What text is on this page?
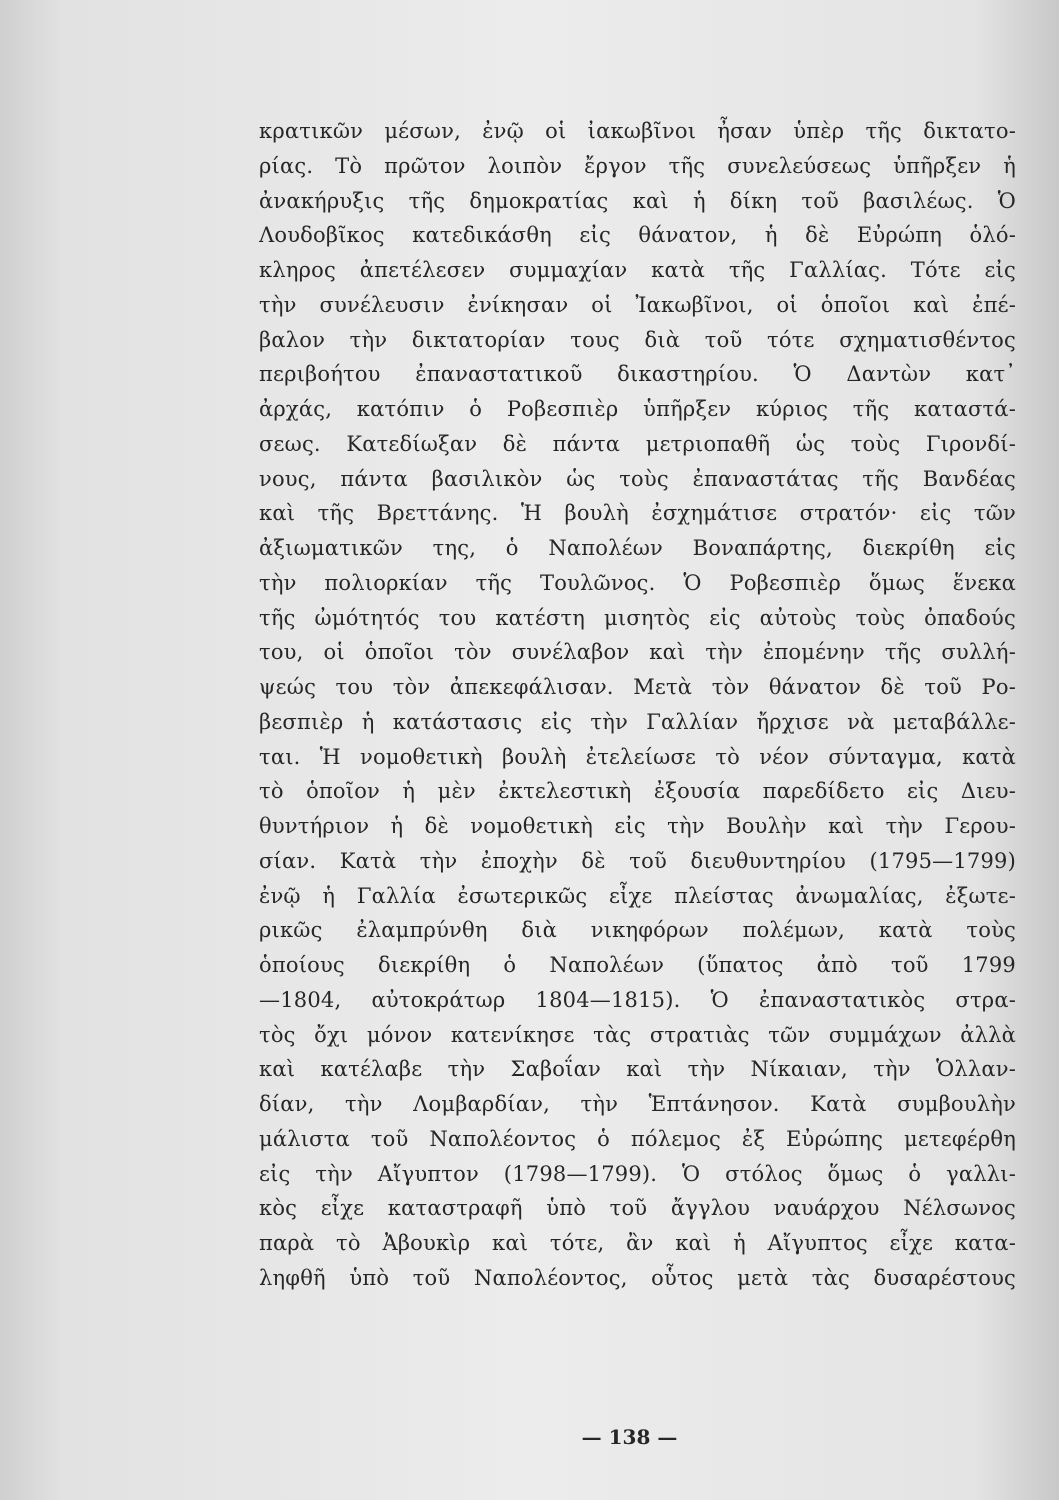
κρατικῶν μέσων, ἐνῷ οἱ ἰακωβῖνοι ἦσαν ὑπὲρ τῆς δικτατο-
ρίας. Τὸ πρῶτον λοιπὸν ἔργον τῆς συνελεύσεως ὑπῆρξεν ἡ
ἀνακήρυξις τῆς δημοκρατίας καὶ ἡ δίκη τοῦ βασιλέως. Ὁ
Λουδοβῖκος κατεδικάσθη εἰς θάνατον, ἡ δὲ Εὐρώπη ὁλό-
κληρος ἀπετέλεσεν συμμαχίαν κατὰ τῆς Γαλλίας. Τότε εἰς
τὴν συνέλευσιν ἐνίκησαν οἱ Ἰακωβῖνοι, οἱ ὁποῖοι καὶ ἐπέ-
βαλον τὴν δικτατορίαν τους διὰ τοῦ τότε σχηματισθέντος
περιβοήτου ἐπαναστατικοῦ δικαστηρίου. Ὁ Δαντὼν κατ᾿
ἀρχάς, κατόπιν ὁ Ροβεσπιὲρ ὑπῆρξεν κύριος τῆς καταστά-
σεως. Κατεδίωξαν δὲ πάντα μετριοπαθῆ ὡς τοὺς Γιρονδί-
νους, πάντα βασιλικὸν ὡς τοὺς ἐπαναστάτας τῆς Βανδέας
καὶ τῆς Βρεττάνης. Ἡ βουλὴ ἐσχημάτισε στρατόν· εἰς τῶν
ἀξιωματικῶν της, ὁ Ναπολέων Βοναπάρτης, διεκρίθη εἰς
τὴν πολιορκίαν τῆς Τουλῶνος. Ὁ Ροβεσπιὲρ ὅμως ἕνεκα
τῆς ὠμότητός του κατέστη μισητὸς εἰς αὐτοὺς τοὺς ὀπαδούς
του, οἱ ὁποῖοι τὸν συνέλαβον καὶ τὴν ἐπομένην τῆς συλλή-
ψεώς του τὸν ἀπεκεφάλισαν. Μετὰ τὸν θάνατον δὲ τοῦ Ρο-
βεσπιὲρ ἡ κατάστασις εἰς τὴν Γαλλίαν ἤρχισε νὰ μεταβάλλε-
ται. Ἡ νομοθετικὴ βουλὴ ἐτελείωσε τὸ νέον σύνταγμα, κατὰ
τὸ ὁποῖον ἡ μὲν ἐκτελεστικὴ ἐξουσία παρεδίδετο εἰς Διευ-
θυντήριον ἡ δὲ νομοθετικὴ εἰς τὴν Βουλὴν καὶ τὴν Γερου-
σίαν. Κατὰ τὴν ἐποχὴν δὲ τοῦ διευθυντηρίου (1795—1799)
ἐνῷ ἡ Γαλλία ἐσωτερικῶς εἶχε πλείστας ἀνωμαλίας, ἐξωτε-
ρικῶς ἐλαμπρύνθη διὰ νικηφόρων πολέμων, κατὰ τοὺς
ὁποίους διεκρίθη ὁ Ναπολέων (ὕπατος ἀπὸ τοῦ 1799
—1804, αὐτοκράτωρ 1804—1815). Ὁ ἐπαναστατικὸς στρα-
τὸς ὄχι μόνον κατενίκησε τὰς στρατιὰς τῶν συμμάχων ἀλλὰ
καὶ κατέλαβε τὴν Σαβοΐαν καὶ τὴν Νίκαιαν, τὴν Ὁλλαν-
δίαν, τὴν Λομβαρδίαν, τὴν Ἑπτάνησον. Κατὰ συμβουλὴν
μάλιστα τοῦ Ναπολέοντος ὁ πόλεμος ἐξ Εὐρώπης μετεφέρθη
εἰς τὴν Αἴγυπτον (1798—1799). Ὁ στόλος ὅμως ὁ γαλλι-
κὸς εἶχε καταστραφῆ ὑπὸ τοῦ ἄγγλου ναυάρχου Νέλσωνος
παρὰ τὸ Ἀβουκὶρ καὶ τότε, ἂν καὶ ἡ Αἴγυπτος εἶχε κατα-
ληφθῆ ὑπὸ τοῦ Ναπολέοντος, οὗτος μετὰ τὰς δυσαρέστους
— 138 —
